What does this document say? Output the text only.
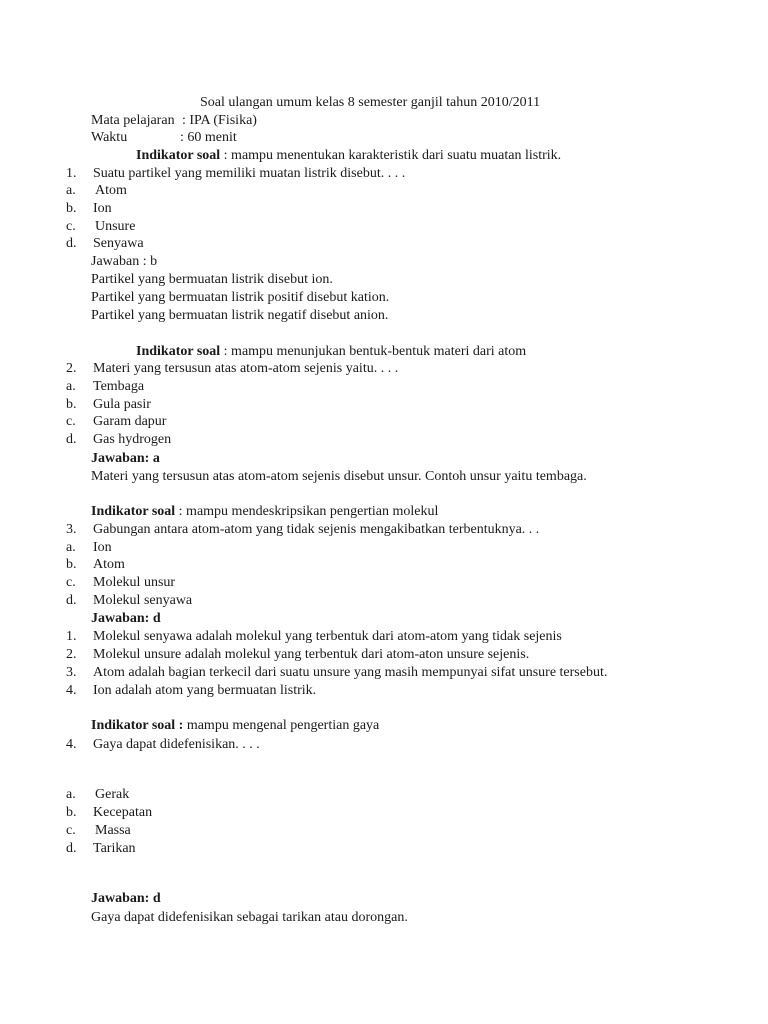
Soal ulangan umum kelas 8 semester ganjil tahun 2010/2011
Mata pelajaran : IPA (Fisika)
Waktu	: 60 menit
Indikator soal : mampu menentukan karakteristik dari suatu muatan listrik.
1. Suatu partikel yang memiliki muatan listrik disebut. . . .
a. Atom
b. Ion
c. Unsure
d. Senyawa
Jawaban : b
Partikel yang bermuatan listrik disebut ion.
Partikel yang bermuatan listrik positif disebut kation.
Partikel yang bermuatan listrik negatif disebut anion.
Indikator soal : mampu menunjukan bentuk-bentuk materi dari atom
2. Materi yang tersusun atas atom-atom sejenis yaitu. . . .
a. Tembaga
b. Gula pasir
c. Garam dapur
d. Gas hydrogen
Jawaban: a
Materi yang tersusun atas atom-atom sejenis disebut unsur. Contoh unsur yaitu tembaga.
Indikator soal : mampu mendeskripsikan pengertian molekul
3. Gabungan antara atom-atom yang tidak sejenis mengakibatkan terbentuknya. . .
a. Ion
b. Atom
c. Molekul unsur
d. Molekul senyawa
Jawaban: d
1. Molekul senyawa adalah molekul yang terbentuk dari atom-atom yang tidak sejenis
2. Molekul unsure adalah molekul yang terbentuk dari atom-aton unsure sejenis.
3. Atom adalah bagian terkecil dari suatu unsure yang masih mempunyai sifat unsure tersebut.
4. Ion adalah atom yang bermuatan listrik.
Indikator soal : mampu mengenal pengertian gaya
4. Gaya dapat didefenisikan. . . .
a. Gerak
b. Kecepatan
c. Massa
d. Tarikan
Jawaban: d
Gaya dapat didefenisikan sebagai tarikan atau dorongan.
